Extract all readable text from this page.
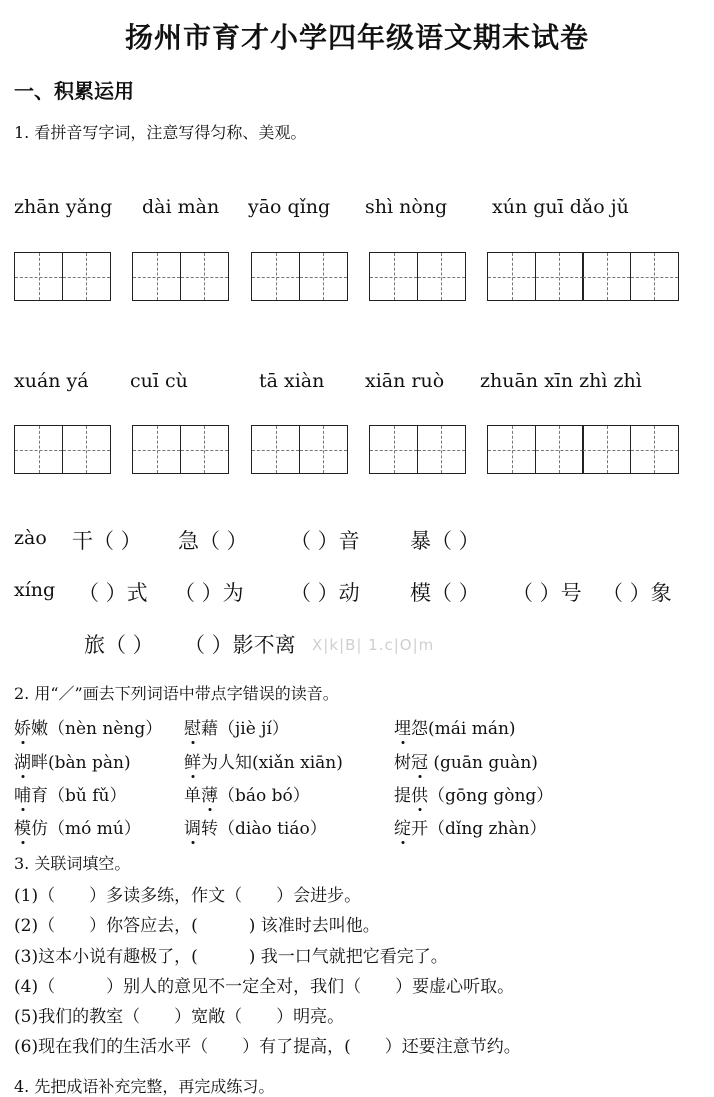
扬州市育才小学四年级语文期末试卷
一、积累运用
1. 看拼音写字词，注意写得匀称、美观。
zhān yǎng dài màn yāo qǐng shì nòng xún guī dǎo jǔ
xuán yá cuī cù	tā xiàn xiān ruò zhuān xīn zhì zhì
zào 干（ ） 急（ ） （ ）音 暴（ ）
xíng （ ）式 （ ）为 （ ）动 模（ ） （ ）号 （ ）象
旅（ ） （ ）影不离 X|k|B| 1.c|O|m
2. 用“／”画去下列词语中带点字错误的读音。
娇嫩（nèn nèng） 慰藉（jiè jí）	埋怨(mái mán)
湖畔(bàn pàn)	鲜为人知(xiǎn xiān)	树冠 (guān guàn)
哺育（bǔ fǔ）	单薄（báo bó）	提供（gōng gòng）
模仿（mó mú）	调转（diào tiáo）	绽开（dǐng zhàn）
3. 关联词填空。
(1)（　　）多读多练，作文（　　）会进步。
(2)（　　）你答应去，(　　　) 该准时去叫他。
(3)这本小说有趣极了，(　　　) 我一口气就把它看完了。
(4)（　　　）别人的意见不一定全对，我们（　　）要虚心听取。
(5)我们的教室（　　）宽敞（　　）明亮。
(6)现在我们的生活水平（　　）有了提高，(　　）还要注意节约。
4. 先把成语补充完整，再完成练习。
